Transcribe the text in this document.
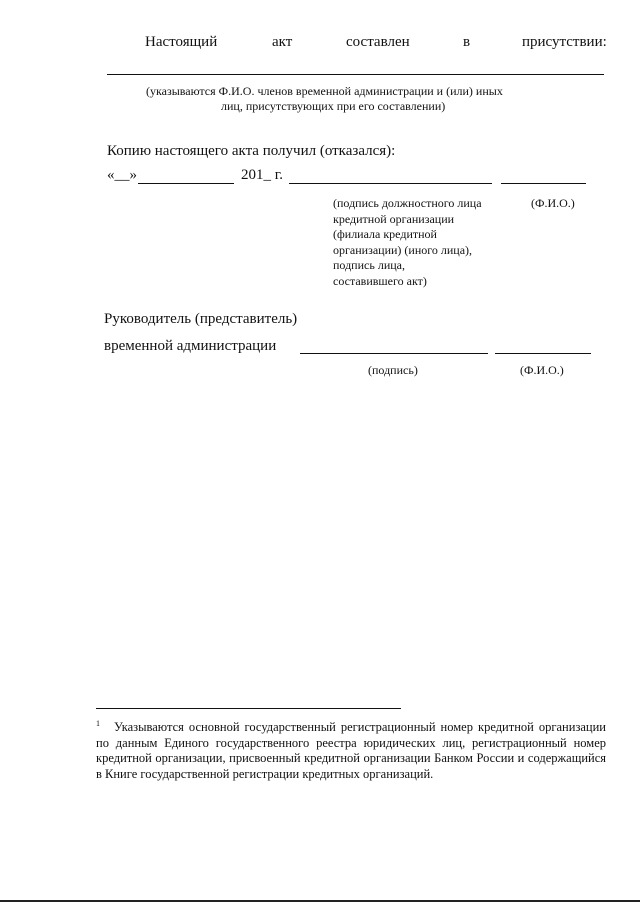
Настоящий	акт	составлен	в	присутствии:
(указываются Ф.И.О. членов временной администрации и (или) иных
лиц, присутствующих при его составлении)
Копию настоящего акта получил (отказался):
«__»	201_ г.
(подпись должностного лица
кредитной организации
(филиала кредитной
организации) (иного лица),
подпись лица,
составившего акт)
(Ф.И.О.)
Руководитель (представитель)
временной администрации
(подпись)	(Ф.И.О.)
$^1$ Указываются основной государственный регистрационный номер кредитной организации по данным Единого государственного реестра юридических лиц, регистрационный номер кредитной организации, присвоенный кредитной организации Банком России и содержащийся в Книге государственной регистрации кредитных организаций.
